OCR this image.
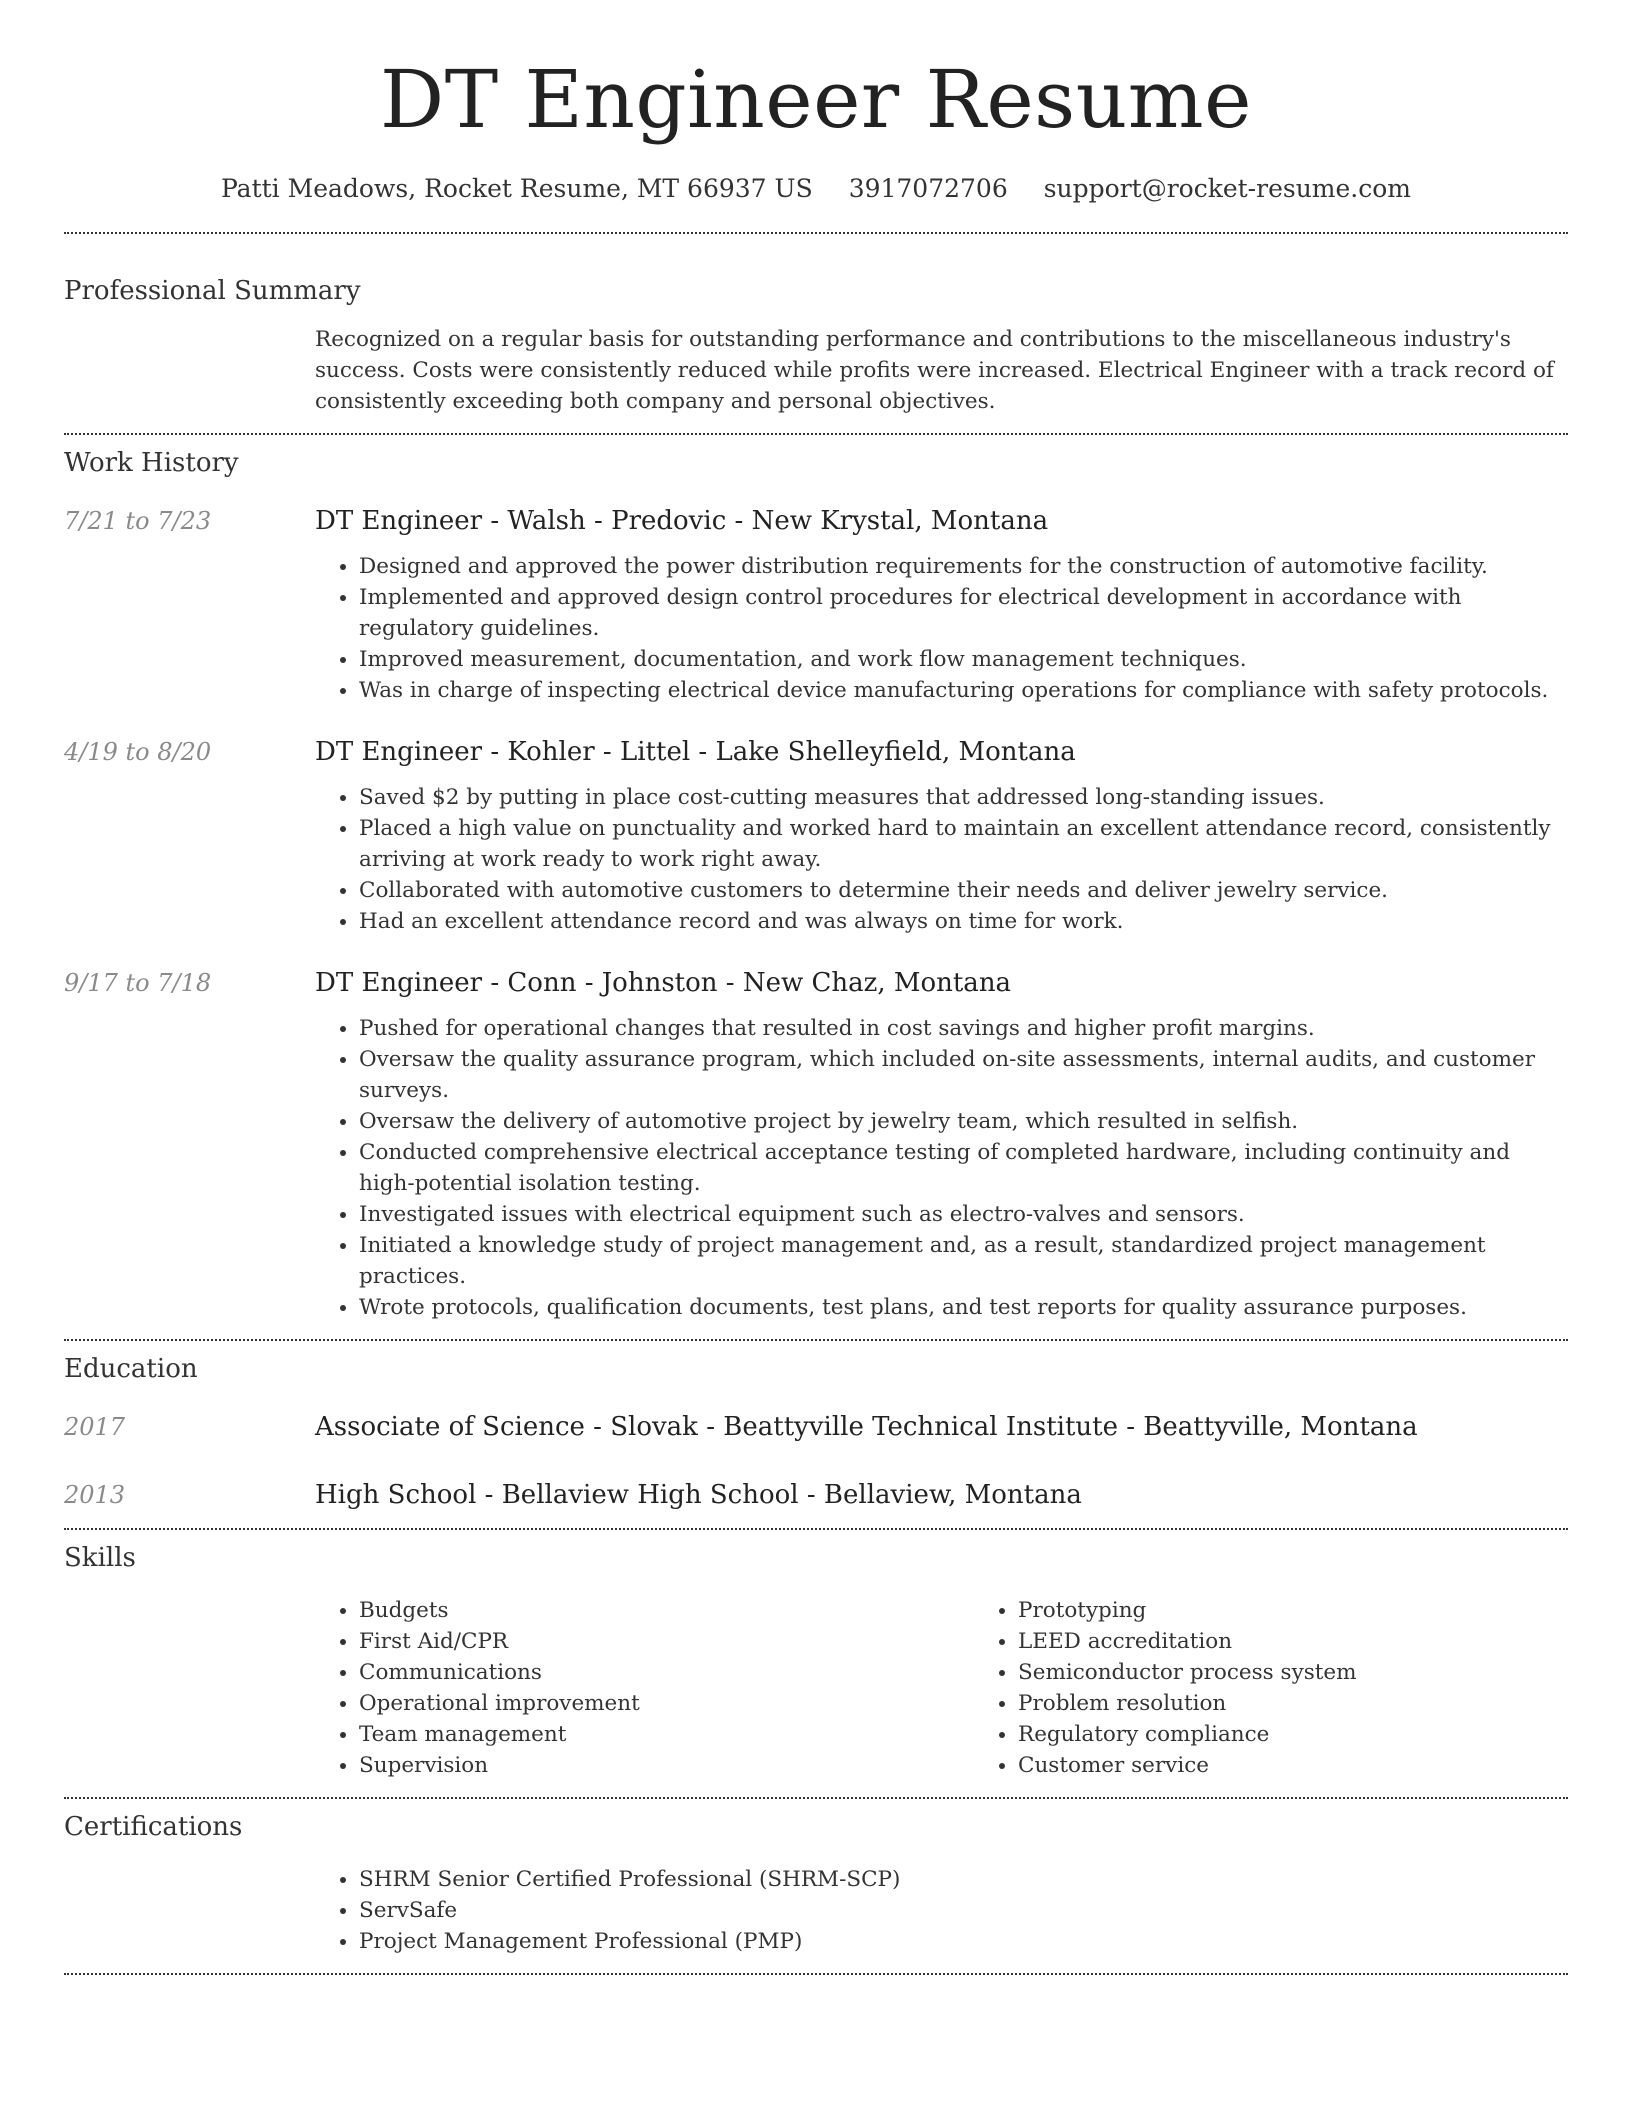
DT Engineer Resume
Patti Meadows, Rocket Resume, MT 66937 US 3917072706 support@rocket-resume.com
Professional Summary
Recognized on a regular basis for outstanding performance and contributions to the miscellaneous industry's success. Costs were consistently reduced while profits were increased. Electrical Engineer with a track record of consistently exceeding both company and personal objectives.
Work History
7/21 to 7/23	DT Engineer - Walsh - Predovic - New Krystal, Montana
• Designed and approved the power distribution requirements for the construction of automotive facility.
• Implemented and approved design control procedures for electrical development in accordance with regulatory guidelines.
• Improved measurement, documentation, and work flow management techniques.
• Was in charge of inspecting electrical device manufacturing operations for compliance with safety protocols.
4/19 to 8/20	DT Engineer - Kohler - Littel - Lake Shelleyfield, Montana
• Saved $2 by putting in place cost-cutting measures that addressed long-standing issues.
• Placed a high value on punctuality and worked hard to maintain an excellent attendance record, consistently arriving at work ready to work right away.
• Collaborated with automotive customers to determine their needs and deliver jewelry service.
• Had an excellent attendance record and was always on time for work.
9/17 to 7/18	DT Engineer - Conn - Johnston - New Chaz, Montana
• Pushed for operational changes that resulted in cost savings and higher profit margins.
• Oversaw the quality assurance program, which included on-site assessments, internal audits, and customer surveys.
• Oversaw the delivery of automotive project by jewelry team, which resulted in selfish.
• Conducted comprehensive electrical acceptance testing of completed hardware, including continuity and high-potential isolation testing.
• Investigated issues with electrical equipment such as electro-valves and sensors.
• Initiated a knowledge study of project management and, as a result, standardized project management practices.
• Wrote protocols, qualification documents, test plans, and test reports for quality assurance purposes.
Education
2017	Associate of Science - Slovak - Beattyville Technical Institute - Beattyville, Montana
2013	High School - Bellaview High School - Bellaview, Montana
Skills
• Budgets
• First Aid/CPR
• Communications
• Operational improvement
• Team management
• Supervision
• Prototyping
• LEED accreditation
• Semiconductor process system
• Problem resolution
• Regulatory compliance
• Customer service
Certifications
• SHRM Senior Certified Professional (SHRM-SCP)
• ServSafe
• Project Management Professional (PMP)
